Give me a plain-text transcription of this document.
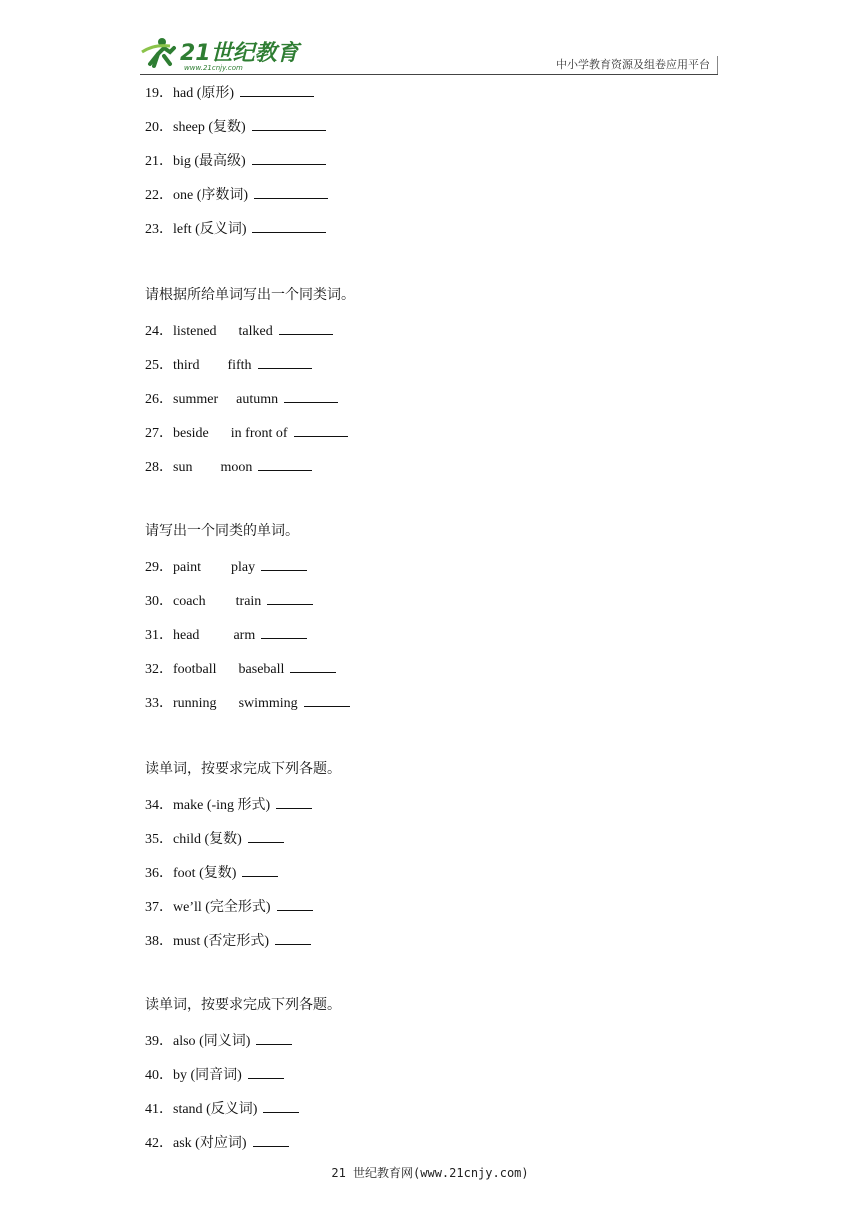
21世纪教育
www.21cnjy.com	中小学教育资源及组卷应用平台
19．had (原形)
20．sheep (复数)
21．big (最高级)
22．one (序数词)
23．left (反义词)
请根据所给单词写出一个同类词。
24．listened talked
25．third fifth
26．summer autumn
27．beside in front of
28．sun moon
请写出一个同类的单词。
29．paint play
30．coach train
31．head arm
32．football baseball
33．running swimming
读单词，按要求完成下列各题。
34．make (-ing 形式)
35．child (复数)
36．foot (复数)
37．we’ll (完全形式)
38．must (否定形式)
读单词，按要求完成下列各题。
39．also (同义词)
40．by (同音词)
41．stand (反义词)
42．ask (对应词)
21 世纪教育网(www.21cnjy.com)
